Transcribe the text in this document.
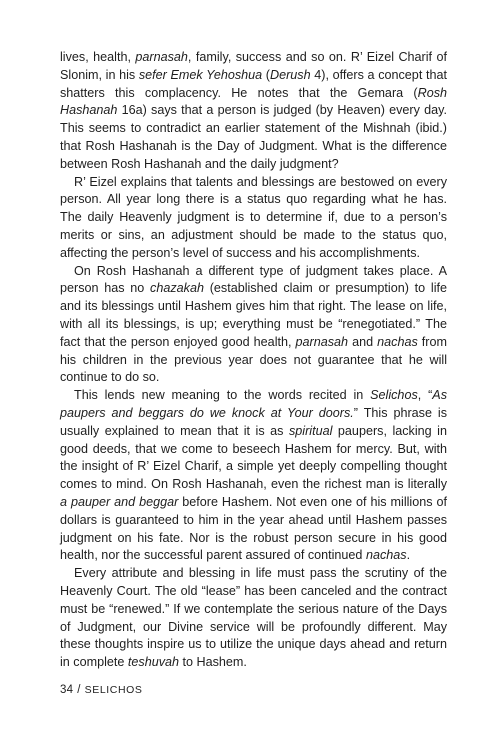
lives, health, parnasah, family, success and so on. R’ Eizel Charif of Slonim, in his sefer Emek Yehoshua (Derush 4), offers a concept that shatters this complacency. He notes that the Gemara (Rosh Hashanah 16a) says that a person is judged (by Heaven) every day. This seems to contradict an earlier statement of the Mishnah (ibid.) that Rosh Hashanah is the Day of Judgment. What is the difference between Rosh Hashanah and the daily judgment?

R’ Eizel explains that talents and blessings are bestowed on every person. All year long there is a status quo regarding what he has. The daily Heavenly judgment is to determine if, due to a person’s merits or sins, an adjustment should be made to the status quo, affecting the person’s level of success and his accomplishments.

On Rosh Hashanah a different type of judgment takes place. A person has no chazakah (established claim or presumption) to life and its blessings until Hashem gives him that right. The lease on life, with all its blessings, is up; everything must be “renegotiated.” The fact that the person enjoyed good health, parnasah and nachas from his children in the previous year does not guarantee that he will continue to do so.

This lends new meaning to the words recited in Selichos, “As paupers and beggars do we knock at Your doors.” This phrase is usually explained to mean that it is as spiritual paupers, lacking in good deeds, that we come to beseech Hashem for mercy. But, with the insight of R’ Eizel Charif, a simple yet deeply compelling thought comes to mind. On Rosh Hashanah, even the richest man is literally a pauper and beggar before Hashem. Not even one of his millions of dollars is guaranteed to him in the year ahead until Hashem passes judgment on his fate. Nor is the robust person secure in his good health, nor the successful parent assured of continued nachas.

Every attribute and blessing in life must pass the scrutiny of the Heavenly Court. The old “lease” has been canceled and the contract must be “renewed.” If we contemplate the serious nature of the Days of Judgment, our Divine service will be profoundly different. May these thoughts inspire us to utilize the unique days ahead and return in complete teshuvah to Hashem.

34 / SELICHOS
